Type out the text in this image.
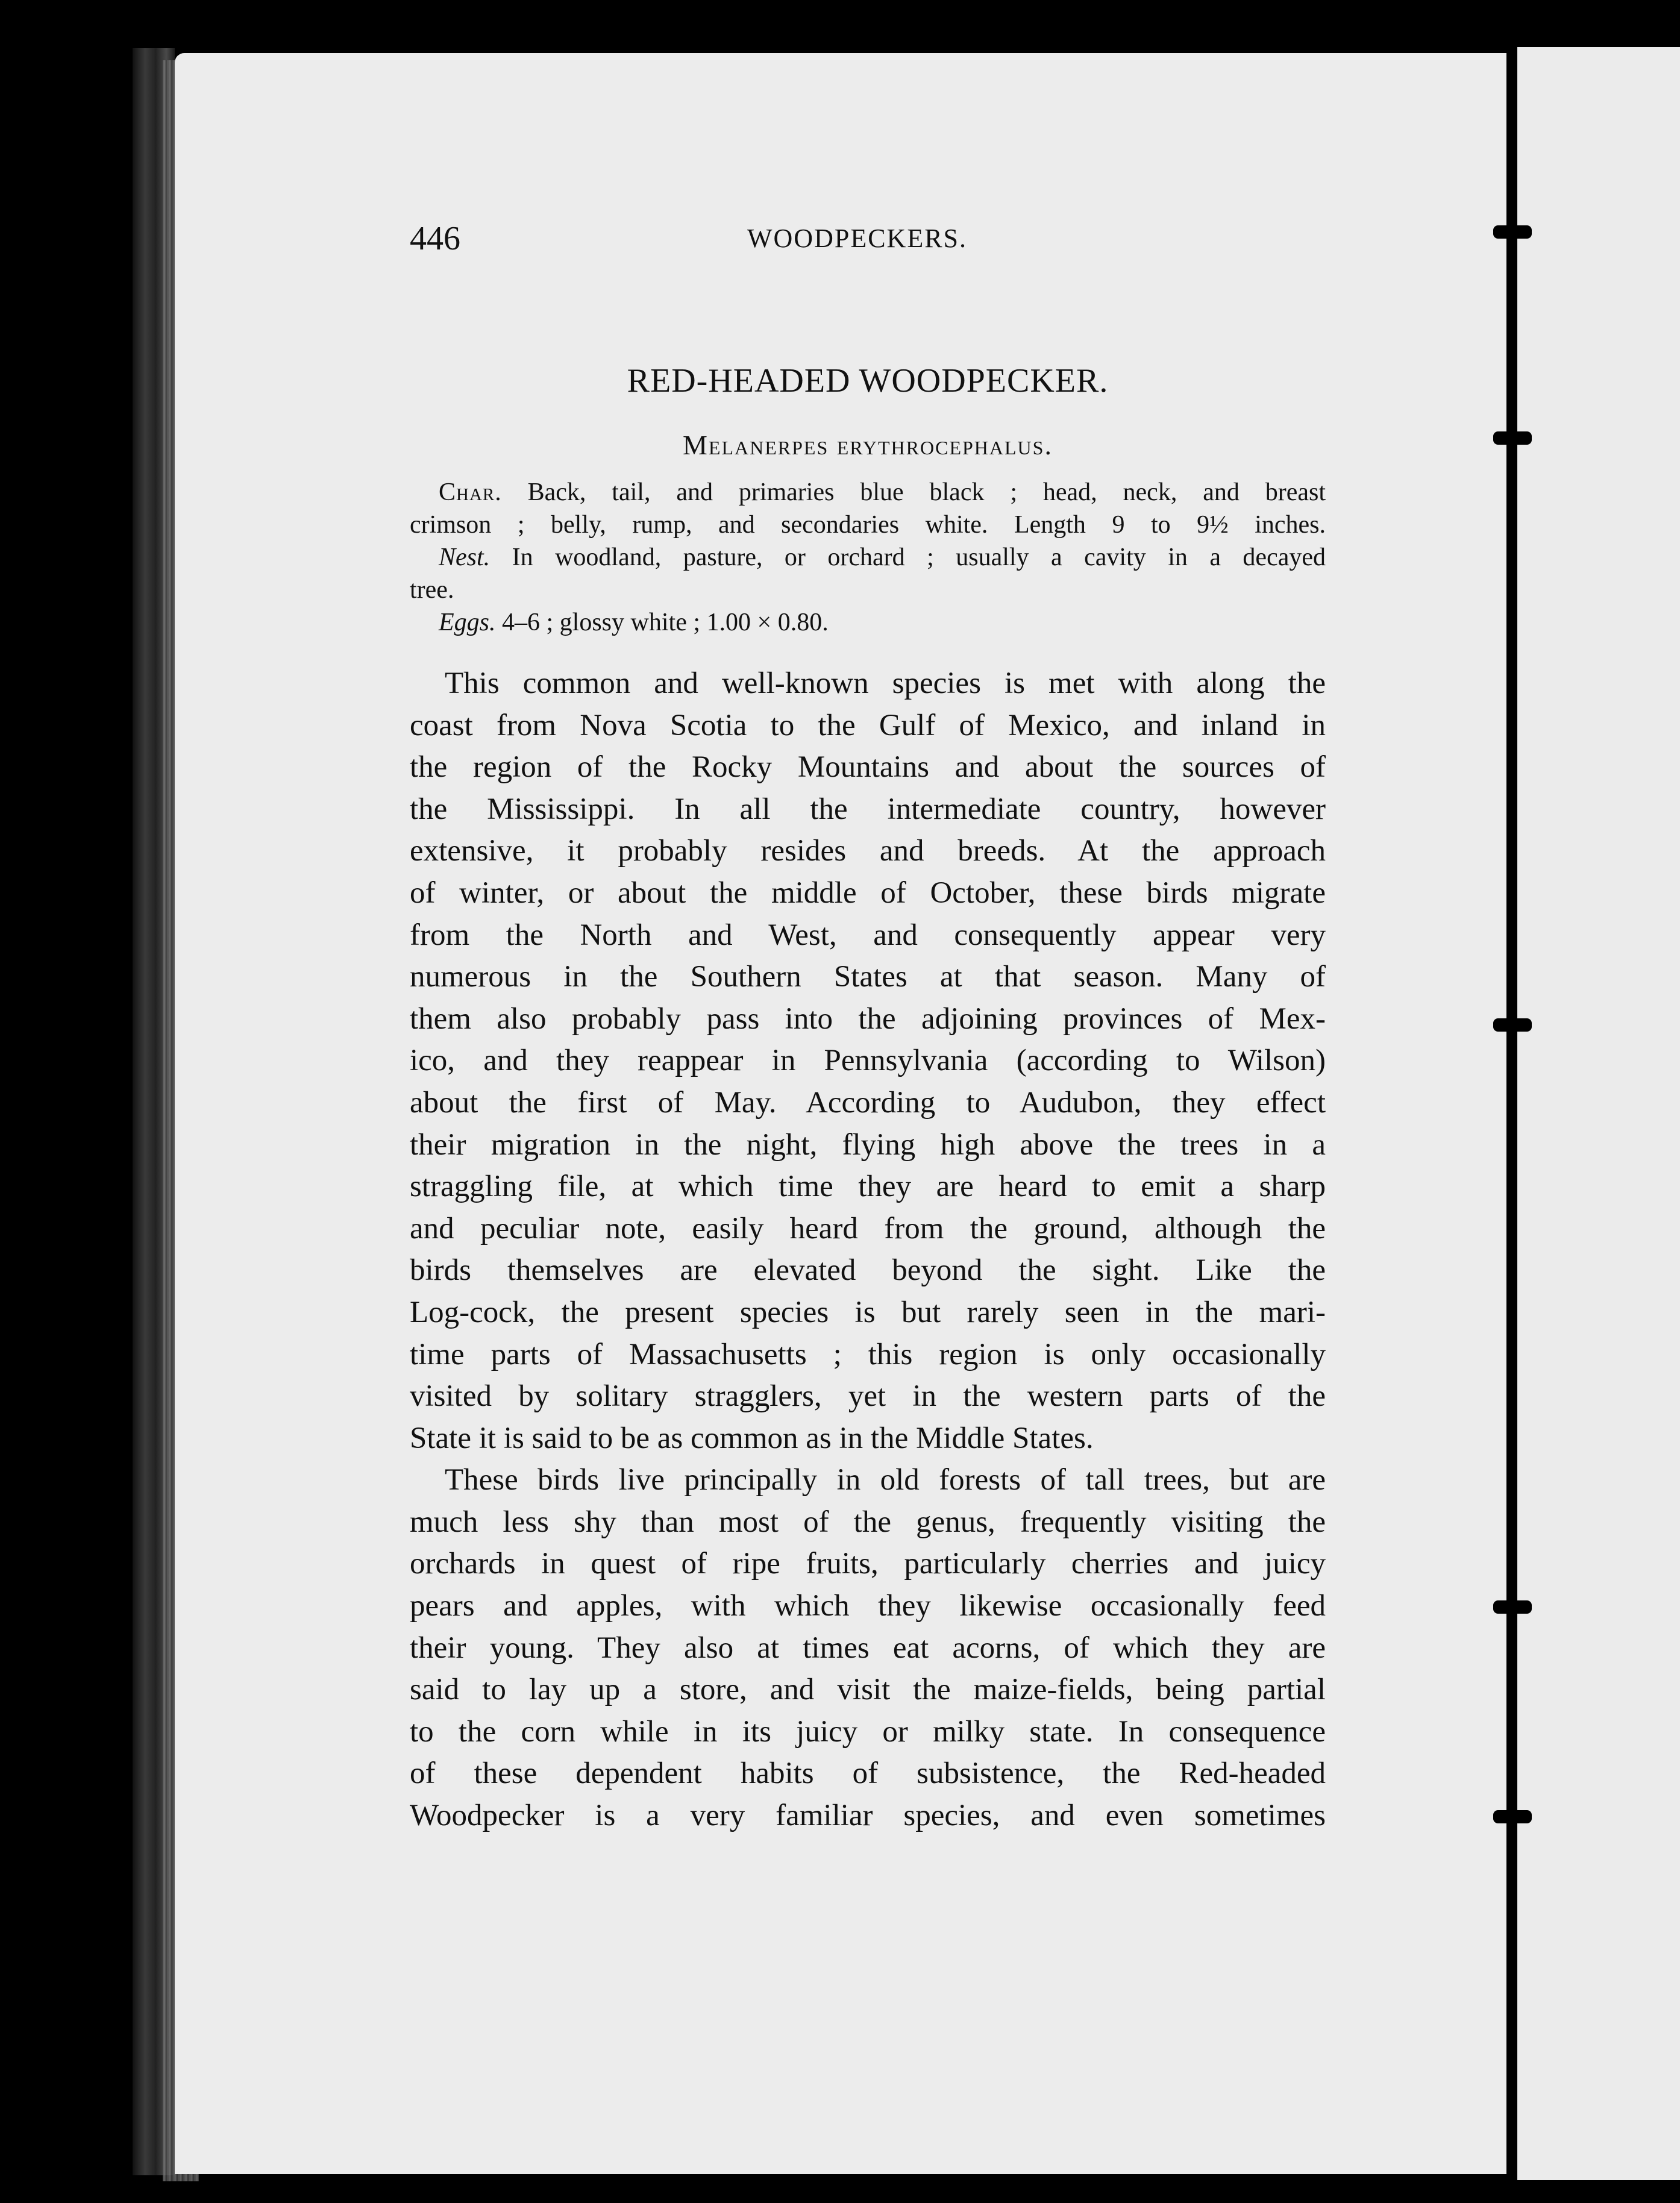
446	WOODPECKERS.
RED-HEADED WOODPECKER.
Melanerpes erythrocephalus.

Char. Back, tail, and primaries blue black ; head, neck, and breast

crimson ; belly, rump, and secondaries white. Length 9 to 9½ inches.

Nest. In woodland, pasture, or orchard ; usually a cavity in a decayed

tree.

Eggs. 4–6 ; glossy white ; 1.00 × 0.80.

This common and well-known species is met with along the
coast from Nova Scotia to the Gulf of Mexico, and inland in
the region of the Rocky Mountains and about the sources of
the Mississippi. In all the intermediate country, however
extensive, it probably resides and breeds. At the approach
of winter, or about the middle of October, these birds migrate
from the North and West, and consequently appear very
numerous in the Southern States at that season. Many of
them also probably pass into the adjoining provinces of Mex-
ico, and they reappear in Pennsylvania (according to Wilson)
about the first of May. According to Audubon, they effect
their migration in the night, flying high above the trees in a
straggling file, at which time they are heard to emit a sharp
and peculiar note, easily heard from the ground, although the
birds themselves are elevated beyond the sight. Like the
Log-cock, the present species is but rarely seen in the mari-
time parts of Massachusetts ; this region is only occasionally
visited by solitary stragglers, yet in the western parts of the
State it is said to be as common as in the Middle States.
These birds live principally in old forests of tall trees, but are
much less shy than most of the genus, frequently visiting the
orchards in quest of ripe fruits, particularly cherries and juicy
pears and apples, with which they likewise occasionally feed
their young. They also at times eat acorns, of which they are
said to lay up a store, and visit the maize-fields, being partial
to the corn while in its juicy or milky state. In consequence
of these dependent habits of subsistence, the Red-headed
Woodpecker is a very familiar species, and even sometimes
